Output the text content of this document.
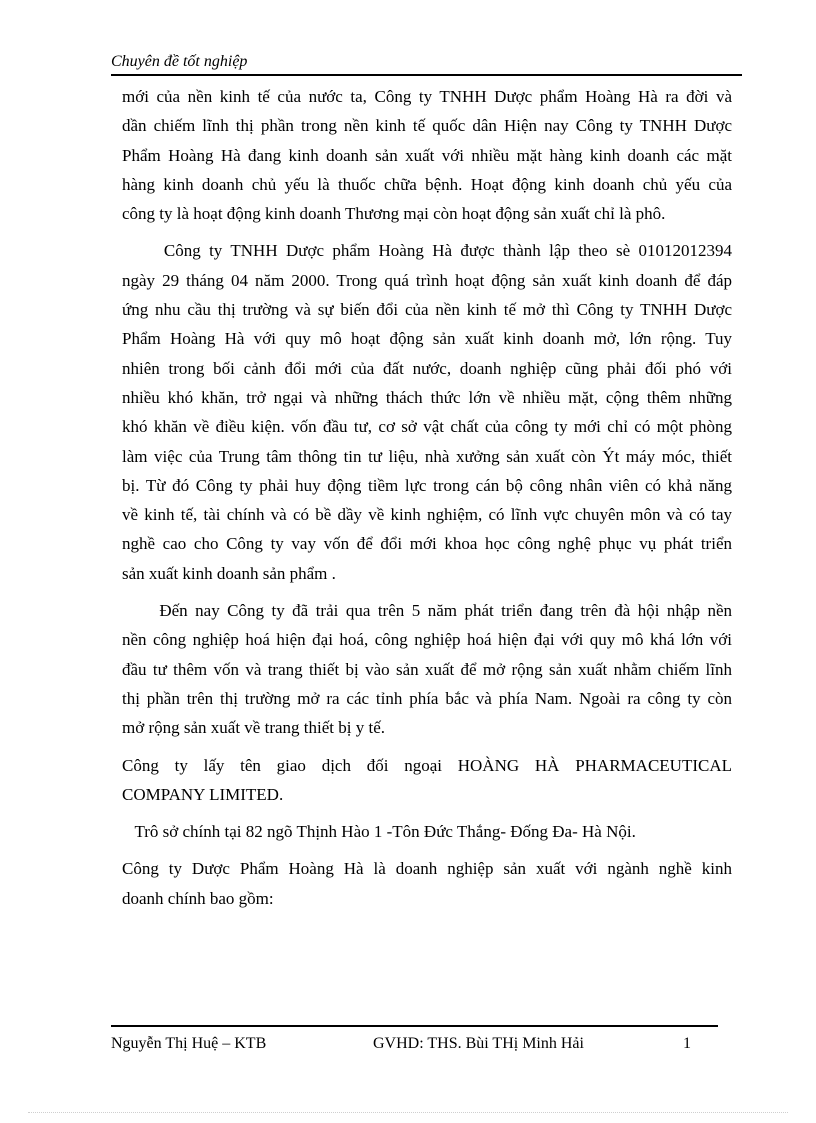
Chuyên đề tốt nghiệp

mới của nền kinh tế của nước ta, Công ty TNHH Dược phẩm Hoàng Hà ra đời và
dần chiếm lĩnh thị phần trong nền kinh tế quốc dân Hiện nay Công ty TNHH Dược
Phẩm Hoàng Hà đang kinh doanh sản xuất với nhiều mặt hàng kinh doanh các mặt
hàng kinh doanh chủ yếu là thuốc chữa bệnh. Hoạt động kinh doanh chủ yếu của
công ty là hoạt động kinh doanh Thương mại còn hoạt động sản xuất chỉ là phô.

Công ty TNHH Dược phẩm Hoàng Hà được thành lập theo sè 01012012394
ngày 29 tháng 04 năm 2000. Trong quá trình hoạt động sản xuất kinh doanh để đáp
ứng nhu cầu thị trường và sự biến đổi của nền kinh tế mở thì Công ty TNHH Dược
Phẩm Hoàng Hà với quy mô hoạt động sản xuất kinh doanh mở, lớn rộng. Tuy
nhiên trong bối cảnh đổi mới của đất nước, doanh nghiệp cũng phải đối phó với
nhiều khó khăn, trở ngại và những thách thức lớn về nhiều mặt, cộng thêm những
khó khăn về điều kiện. vốn đầu tư, cơ sở vật chất của công ty mới chỉ có một phòng
làm việc của Trung tâm thông tin tư liệu, nhà xưởng sản xuất còn Ýt máy móc, thiết
bị. Từ đó Công ty phải huy động tiềm lực trong cán bộ công nhân viên có khả năng
về kinh tế, tài chính và có bề dầy về kinh nghiệm, có lĩnh vực chuyên môn và có tay
nghề cao cho Công ty vay vốn để đổi mới khoa học công nghệ phục vụ phát triển
sản xuất kinh doanh sản phẩm .

Đến nay Công ty đã trải qua trên 5 năm phát triển đang trên đà hội nhập nền
nền công nghiệp hoá hiện đại hoá, công nghiệp hoá hiện đại với quy mô khá lớn với
đầu tư thêm vốn và trang thiết bị vào sản xuất để mở rộng sản xuất nhằm chiếm lĩnh
thị phần trên thị trường mở ra các tỉnh phía bắc và phía Nam. Ngoài ra công ty còn
mở rộng sản xuất về trang thiết bị y tế.

Công ty lấy tên giao dịch đối ngoại HOÀNG HÀ PHARMACEUTICAL
COMPANY LIMITED.

Trô sở chính tại 82 ngõ Thịnh Hào 1 -Tôn Đức Thắng- Đống Đa- Hà Nội.

Công ty Dược Phẩm Hoàng Hà là doanh nghiệp sản xuất với ngành nghề kinh
doanh chính bao gồm:

Nguyễn Thị Huệ – KTB	GVHD: THS. Bùi THị Minh Hải	1
